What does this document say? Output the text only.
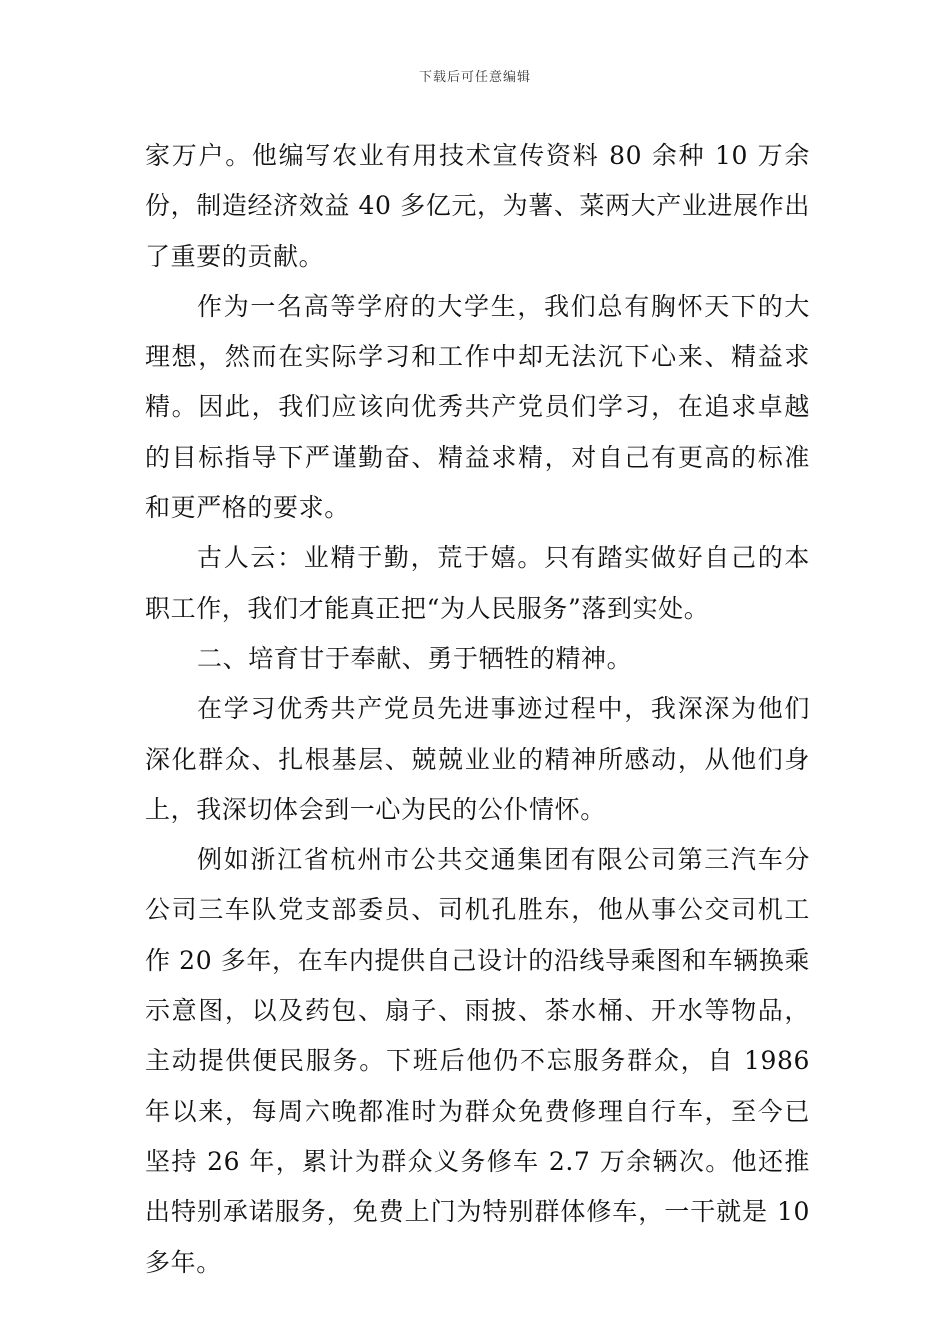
下载后可任意编辑

家万户。他编写农业有用技术宣传资料 80 余种 10 万余份，制造经济效益 40 多亿元，为薯、菜两大产业进展作出了重要的贡献。

作为一名高等学府的大学生，我们总有胸怀天下的大理想，然而在实际学习和工作中却无法沉下心来、精益求精。因此，我们应该向优秀共产党员们学习，在追求卓越的目标指导下严谨勤奋、精益求精，对自己有更高的标准和更严格的要求。

古人云：业精于勤，荒于嬉。只有踏实做好自己的本职工作，我们才能真正把“为人民服务”落到实处。

二、培育甘于奉献、勇于牺牲的精神。

在学习优秀共产党员先进事迹过程中，我深深为他们深化群众、扎根基层、兢兢业业的精神所感动，从他们身上，我深切体会到一心为民的公仆情怀。

例如浙江省杭州市公共交通集团有限公司第三汽车分公司三车队党支部委员、司机孔胜东，他从事公交司机工作 20 多年，在车内提供自己设计的沿线导乘图和车辆换乘示意图，以及药包、扇子、雨披、茶水桶、开水等物品，主动提供便民服务。下班后他仍不忘服务群众，自 1986 年以来，每周六晚都准时为群众免费修理自行车，至今已坚持 26 年，累计为群众义务修车 2.7 万余辆次。他还推出特别承诺服务，免费上门为特别群体修车，一干就是 10 多年。
